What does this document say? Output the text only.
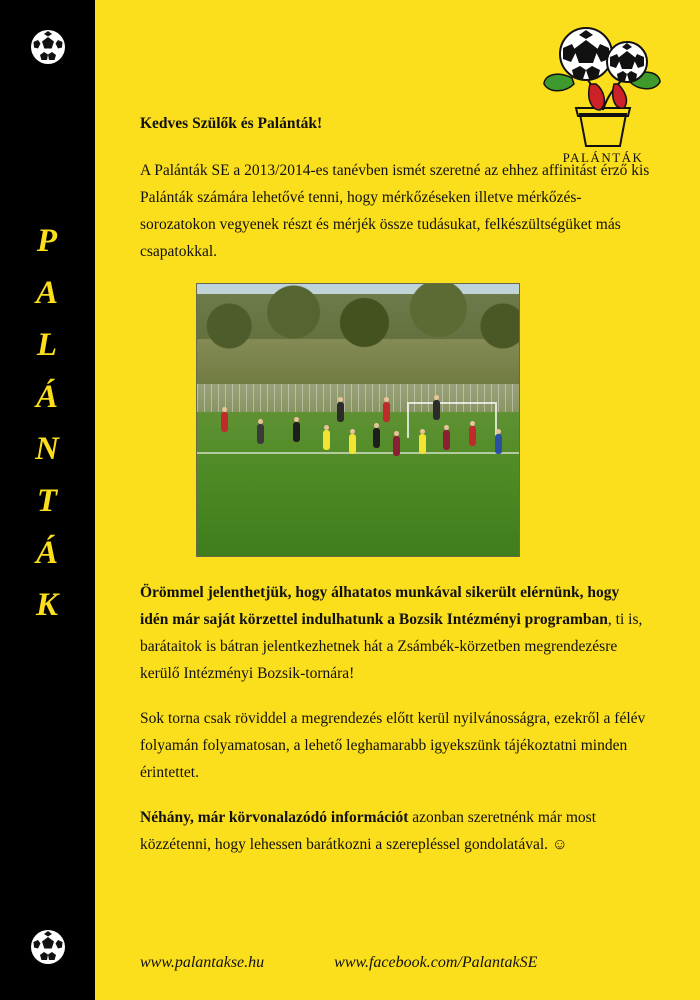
P
A
L
Á
N
T
Á
K
PALÁNTÁK

Kedves Szülők és Palánták!

A Palánták SE a 2013/2014-es tanévben ismét szeretné az ehhez affinitást érző kis Palánták számára lehetővé tenni, hogy mérkőzéseken illetve mérkőzés-sorozatokon vegyenek részt és mérjék össze tudásukat, felkészültségüket más csapatokkal.

Örömmel jelenthetjük, hogy álhatatos munkával sikerült elérnünk, hogy idén már saját körzettel indulhatunk a Bozsik Intézményi programban, ti is, barátaitok is bátran jelentkezhetnek hát a Zsámbék-körzetben megrendezésre kerülő Intézményi Bozsik-tornára!

Sok torna csak röviddel a megrendezés előtt kerül nyilvánosságra, ezekről a félév folyamán folyamatosan, a lehető leghamarabb igyekszünk tájékoztatni minden érintettet.

Néhány, már körvonalazódó információt azonban szeretnénk már most közzétenni, hogy lehessen barátkozni a szerepléssel gondolatával. ☺

www.palantakse.hu	www.facebook.com/PalantakSE
